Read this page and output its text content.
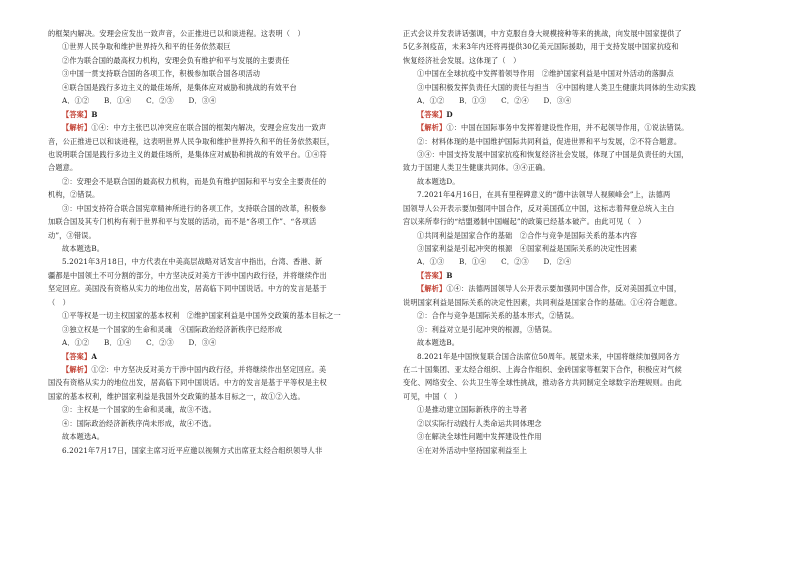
的框架内解决。安理会应发出一致声音，公正推进已以和谈进程。这表明（　）
①世界人民争取和维护世界持久和平的任务依然艰巨
②作为联合国的最高权力机构，安理会负有维护和平与发展的主要责任
③中国一贯支持联合国的各项工作，积极参加联合国各项活动
④联合国是践行多边主义的最佳场所，是集体应对威胁和挑战的有效平台
A．①②　　B．①④　　C．②③　　D．③④
【答案】B
【解析】①④：中方主张巴以冲突应在联合国的框架内解决，安理会应发出一致声
音，公正推进已以和谈进程，这表明世界人民争取和维护世界持久和平的任务依然艰巨，
也说明联合国是践行多边主义的最佳场所，是集体应对威胁和挑战的有效平台。①④符
合题意。
②：安理会不是联合国的最高权力机构，而是负有维护国际和平与安全主要责任的
机构，②错误。
③：中国支持符合联合国宪章精神所进行的各项工作，支持联合国的改革，积极参
加联合国及其专门机构有利于世界和平与发展的活动，而不是“各项工作”、“各项活
动”，③错误。
故本题选B。
5.2021年3月18日，中方代表在中美高层战略对话发言中指出，台湾、香港、新
疆都是中国领土不可分割的部分，中方坚决反对美方干涉中国内政行径，并将继续作出
坚定回应。美国没有资格从实力的地位出发，居高临下同中国说话。中方的发言是基于
（　）
①平等权是一切主权国家的基本权利　②维护国家利益是中国外交政策的基本目标之一
③独立权是一个国家的生命和灵魂　④国际政治经济新秩序已经形成
A．①②　　B．①④　　C．②③　　D．③④
【答案】A
【解析】①②：中方坚决反对美方干涉中国内政行径，并将继续作出坚定回应。美
国没有资格从实力的地位出发，居高临下同中国说话。中方的发言是基于平等权是主权
国家的基本权利，维护国家利益是我国外交政策的基本目标之一，故①②入选。
③：主权是一个国家的生命和灵魂，故③不选。
④：国际政治经济新秩序尚未形成，故④不选。
故本题选A。
6.2021年7月17日，国家主席习近平应邀以视频方式出席亚太经合组织领导人非
正式会议并发表讲话强调，中方克服自身大规模接种等来的挑战，向发展中国家提供了
5亿多剂疫苗，未来3年内还将再提供30亿美元国际援助，用于支持发展中国家抗疫和
恢复经济社会发展。这体现了（　）
①中国在全球抗疫中发挥着领导作用　②维护国家利益是中国对外活动的落脚点
③中国积极发挥负责任大国的责任与担当　④中国构建人类卫生健康共同体的生动实践
A．①②　　B．①③　　C．②④　　D．③④
【答案】D
【解析】①：中国在国际事务中发挥着建设性作用，并不起领导作用，①说法错误。
②：材料体现的是中国维护国际共同利益，促进世界和平与发展，②不符合题意。
③④：中国支持发展中国家抗疫和恢复经济社会发展，体现了中国是负责任的大国，
致力于国建人类卫生健康共同体。③④正确。
故本题选D。
7.2021年4月16日，在具有里程碑意义的“德中法领导人视频峰会”上，法德两
国领导人公开表示要加强同中国合作，反对美国孤立中国，这标志着拜登总统入主白
宫以来所奉行的“结盟遏制中国崛起”的政策已经基本破产。由此可见（　）
①共同利益是国家合作的基础　②合作与竞争是国际关系的基本内容
③国家利益是引起冲突的根源　④国家利益是国际关系的决定性因素
A．①③　　B．①④　　C．②③　　D．②④
【答案】B
【解析】①④：法德两国领导人公开表示要加强同中国合作，反对美国孤立中国，
说明国家利益是国际关系的决定性因素，共同利益是国家合作的基础。①④符合题意。
②：合作与竞争是国际关系的基本形式，②错误。
③：利益对立是引起冲突的根源，③错误。
故本题选B。
8.2021年是中国恢复联合国合法席位50周年。展望未来，中国将继续加强同各方
在二十国集团、亚太经合组织、上海合作组织、金砖国家等框架下合作，积极应对气候
变化、网络安全、公共卫生等全球性挑战，推动各方共同制定全球数字治理规则。由此
可见，中国（　）
①是推动建立国际新秩序的主导者
②以实际行动践行人类命运共同体理念
③在解决全球性问题中发挥建设性作用
④在对外活动中坚持国家利益至上
